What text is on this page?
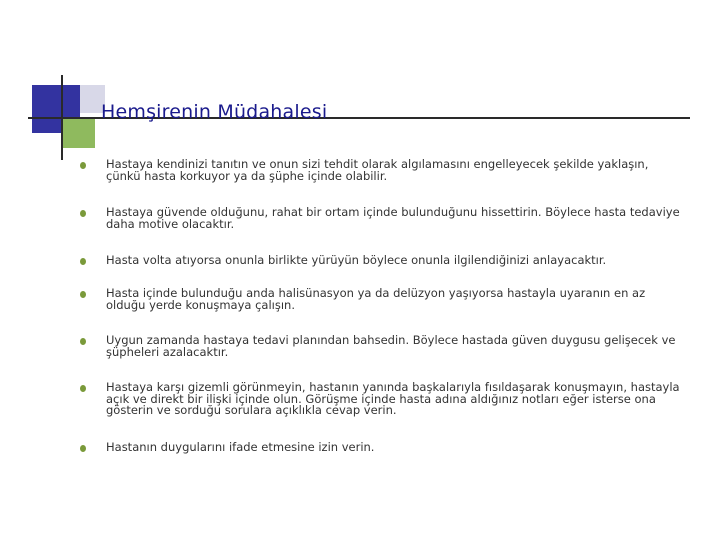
Hemşirenin Müdahalesi
Hastaya kendinizi tanıtın ve onun sizi tehdit olarak algılamasını engelleyecek şekilde yaklaşın, çünkü hasta korkuyor ya da şüphe içinde olabilir.
Hastaya güvende olduğunu, rahat bir ortam içinde bulunduğunu hissettirin. Böylece hasta tedaviye daha motive olacaktır.
Hasta volta atıyorsa onunla birlikte yürüyün böylece onunla ilgilendiğinizi anlayacaktır.
Hasta içinde bulunduğu anda halisünasyon ya da delüzyon yaşıyorsa hastayla uyaranın en az olduğu yerde konuşmaya çalışın.
Uygun zamanda hastaya tedavi planından bahsedin. Böylece hastada güven duygusu gelişecek ve şüpheleri azalacaktır.
Hastaya karşı gizemli görünmeyin, hastanın yanında başkalarıyla fısıldaşarak konuşmayın, hastayla açık ve direkt bir ilişki içinde olun. Görüşme içinde hasta adına aldığınız notları eğer isterse ona gösterin ve sorduğu sorulara açıklıkla cevap verin.
Hastanın duygularını ifade etmesine izin verin.
